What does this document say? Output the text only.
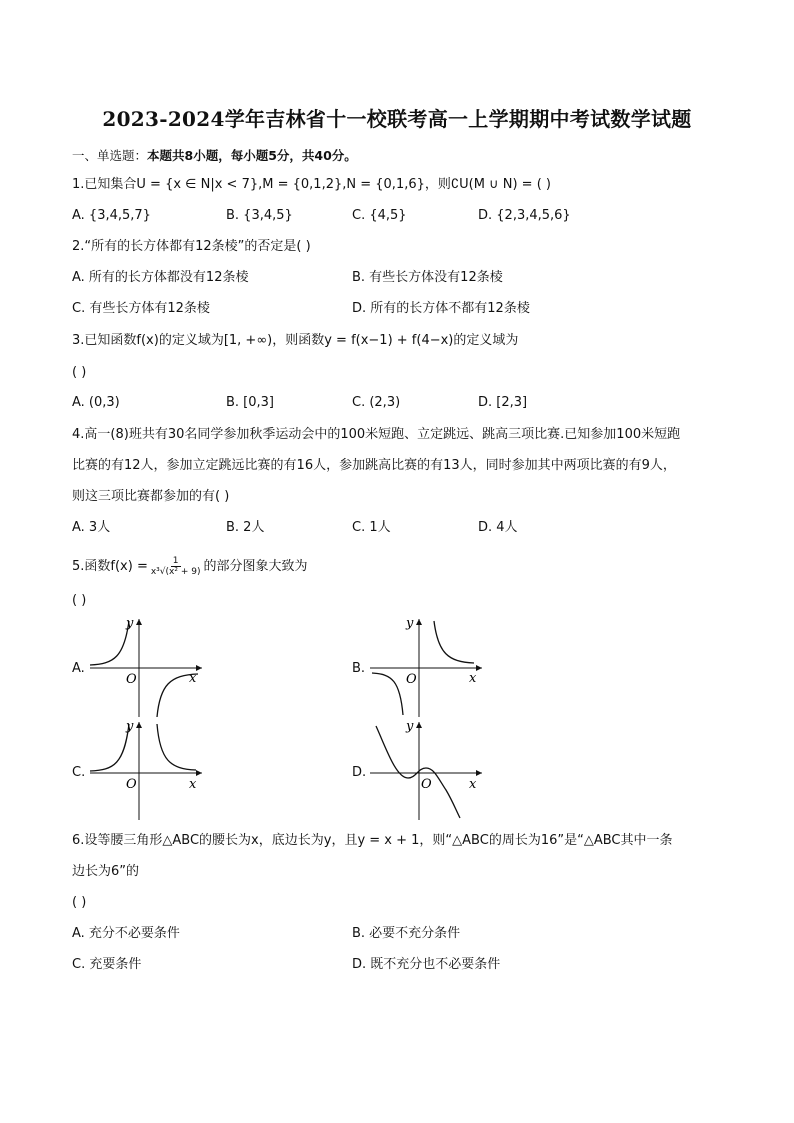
2023-2024学年吉林省十一校联考高一上学期期中考试数学试题
一、单选题：本题共8小题，每小题5分，共40分。
1.已知集合U = {x ∈ N|x < 7},M = {0,1,2},N = {0,1,6}，则∁U(M ∪ N) = ( )
A. {3,4,5,7}	B. {3,4,5}	C. {4,5}	D. {2,3,4,5,6}
2.“所有的长方体都有12条棱”的否定是( )
A. 所有的长方体都没有12条棱	B. 有些长方体没有12条棱
C. 有些长方体有12条棱	D. 所有的长方体不都有12条棱
3.已知函数f(x)的定义域为[1, +∞)，则函数y = f(x−1) + f(4−x)的定义域为
( )
A. (0,3)	B. [0,3]	C. (2,3)	D. [2,3]
4.高一(8)班共有30名同学参加秋季运动会中的100米短跑、立定跳远、跳高三项比赛.已知参加100米短跑
比赛的有12人，参加立定跳远比赛的有16人，参加跳高比赛的有13人，同时参加其中两项比赛的有9人，
则这三项比赛都参加的有( )
A. 3人	B. 2人	C. 1人	D. 4人
5.函数$f(x) = \frac{1}{\text{x³√(x² + 9)}}$ 的部分图象大致为
( )
A.	B.
C.	D.
y
x
O
y
x
O
y
x
O
y
x
O
6.设等腰三角形△ABC的腰长为x，底边长为y，且y = x + 1，则“△ABC的周长为16”是“△ABC其中一条
边长为6”的
( )
A. 充分不必要条件	B. 必要不充分条件
C. 充要条件	D. 既不充分也不必要条件
